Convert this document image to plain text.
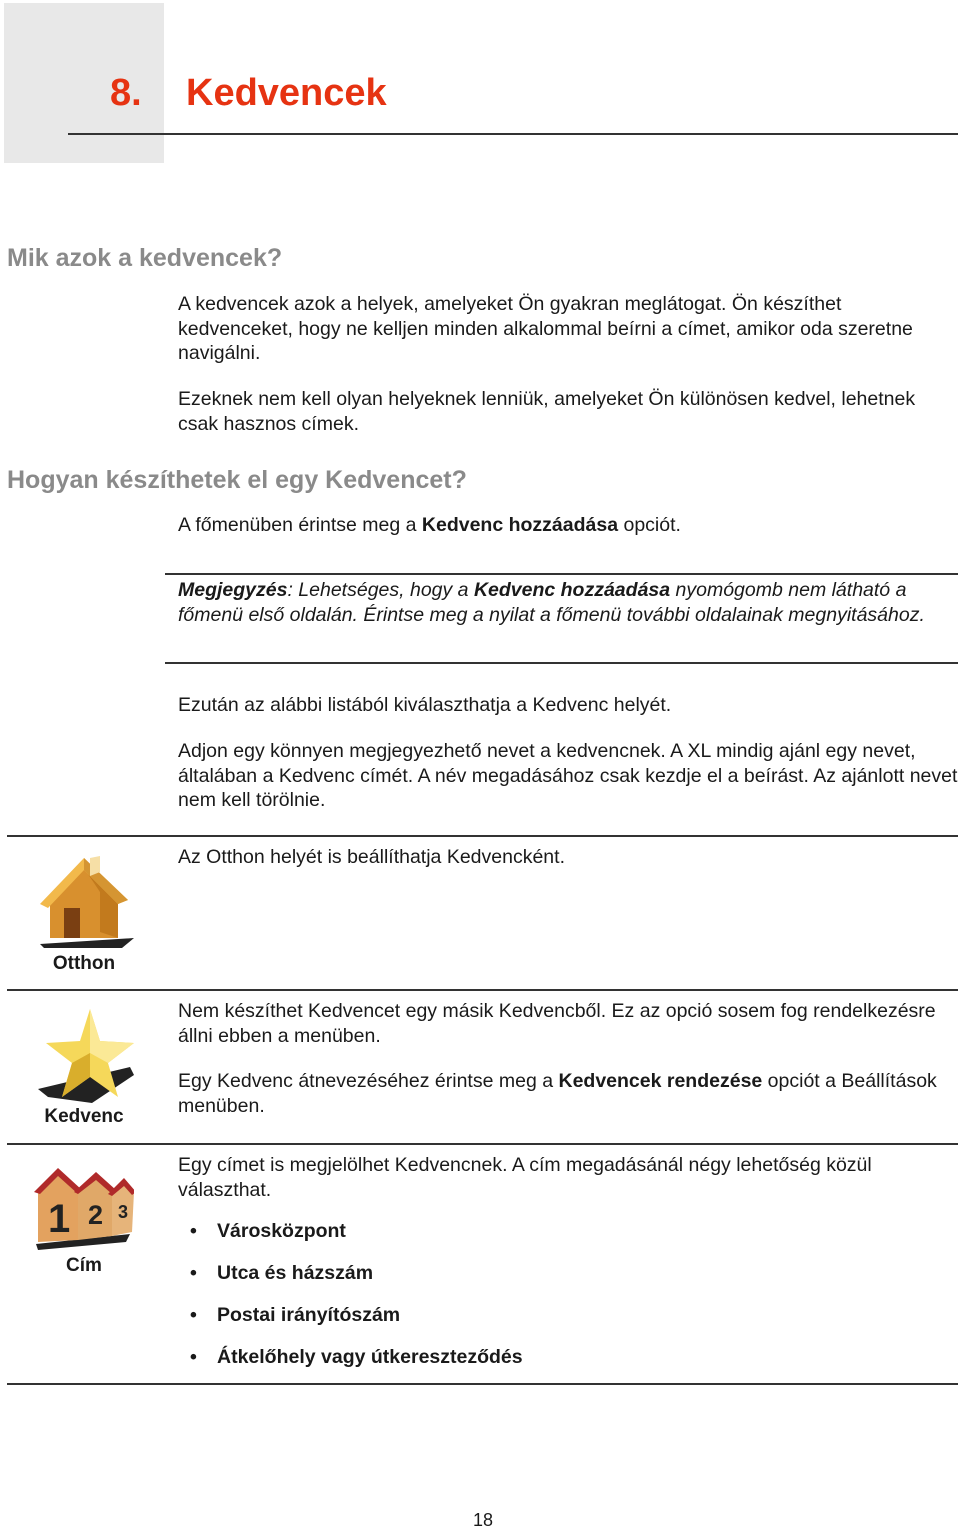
8. Kedvencek
Mik azok a kedvencek?
A kedvencek azok a helyek, amelyeket Ön gyakran meglátogat. Ön készíthet kedvenceket, hogy ne kelljen minden alkalommal beírni a címet, amikor oda szeretne navigálni.
Ezeknek nem kell olyan helyeknek lenniük, amelyeket Ön különösen kedvel, lehetnek csak hasznos címek.
Hogyan készíthetek el egy Kedvencet?
A főmenüben érintse meg a Kedvenc hozzáadása opciót.
Megjegyzés: Lehetséges, hogy a Kedvenc hozzáadása nyomógomb nem látható a főmenü első oldalán. Érintse meg a nyilat a főmenü további oldalainak megnyitásához.
Ezután az alábbi listából kiválaszthatja a Kedvenc helyét.
Adjon egy könnyen megjegyezhető nevet a kedvencnek. A XL mindig ajánl egy nevet, általában a Kedvenc címét. A név megadásához csak kezdje el a beírást. Az ajánlott nevet nem kell törölnie.
Otthon
Az Otthon helyét is beállíthatja Kedvencként.
Kedvenc
Nem készíthet Kedvencet egy másik Kedvencből. Ez az opció sosem fog rendelkezésre állni ebben a menüben.
Egy Kedvenc átnevezéséhez érintse meg a Kedvencek rendezése opciót a Beállítások menüben.
1 2 3
Cím
Egy címet is megjelölhet Kedvencnek. A cím megadásánál négy lehetőség közül választhat.
• Városközpont
• Utca és házszám
• Postai irányítószám
• Átkelőhely vagy útkereszteződés
18
